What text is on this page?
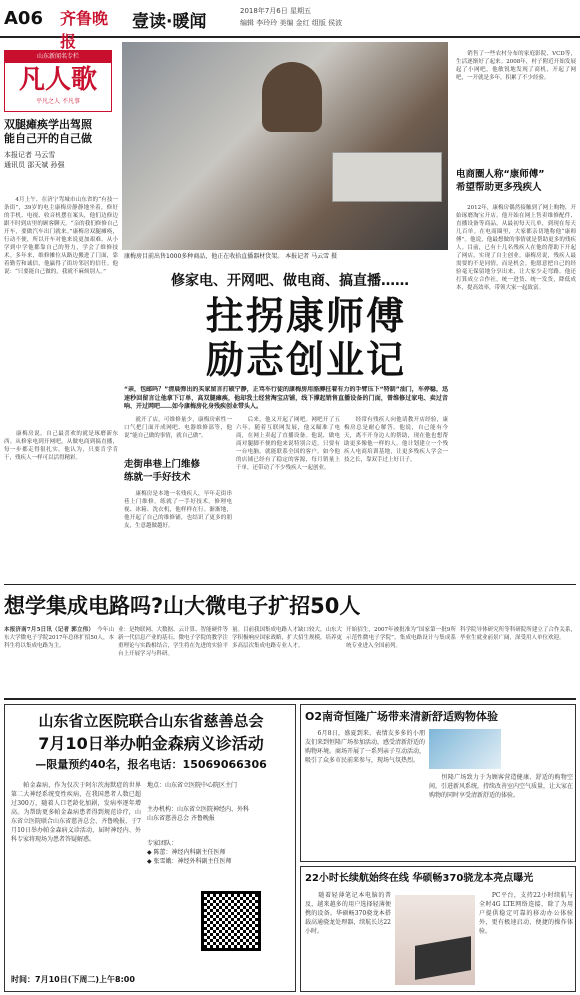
A06 齐鲁晚报
壹读·暖闻
2018年7月6日 星期五
编辑 李玲玲 美编 金红 组版 侯波
山东新闻名专栏
凡人歌
平凡之人 不凡事
双腿瘫痪学出驾照
能自己开的自己做
本报记者 马云雪
通讯员 邵天斌 孙强
　　4月上午，在济宁驾城市山东省的“有技一条街”，39岁的电主康梅房静静地坐着，修好的手机、电视、收音机摆在案头，他们边修边跟不时到店里的顾客聊天。“亲的我们修修自己开车，要做汽车出门就来。”康梅房双腿瘫痪，行动不便，所以开车对他来说更加艰难。从小学到中学他都靠自己的努力，学会了维修技术。多年来，维修摊位从路边搬进了门面，靠着勤劳和诚信，他赢得了街坊邻居的信任。他说：“只要能自己做的，我就不麻烦别人。”
　　康梅房说，自己最喜欢的就是琢磨新东西。从修家电到开网吧，从做电商到搞直播，每一步都走得很扎实。他认为，只要肯学肯干，残疾人一样可以活得精彩。
康梅房目前出售1000多种商品，他正在收拾直播器材货架。 本报记者 马云雪 摄
修家电、开网吧、做电商、搞直播……
拄拐康师傅
励志创业记
“亲，包邮吗？”清晨弹出的买家留言打破宁静，正骂车行徒的康梅房用胳膊拄着有力的手臂压下“特制”油门，车停稳，迅速秒回留言让他拿下订单，高双腿瘫痪，他却我土经营淘宝店铺，线下撑起销售直播设备的门面，曾维修过家电、卖过音响、开过网吧……如今康梅房化身残疾创业带头人。
　　就开了店，可维修量少，康梅房索性一口气把门面开成网吧、电器维修部等，他说“能自己做的事情，就自己做”。
走街串巷上门维修
练就一手好技术
　　康梅房是本地一名残疾人，早年走街串巷上门维修，练就了一手好技术。修理电视、冰箱、洗衣机，他样样在行。渐渐地，他开起了自己的维修铺，也结识了更多的朋友，生意越做越好。
　　后来，他又开起了网吧。网吧开了五六年，随着互联网发展，他又瞄准了电商，在网上卖起了直播设备。他说，做电商对腿脚不便的他来说特别合适，只要有一台电脑，就能联系全国的客户。如今他的店铺已经有了稳定的客源，每月销量上千单，还带动了不少残疾人一起创业。
　　经常有残疾人向他请教开店经验，康梅房总是耐心解答。他说，自己能有今天，离不开身边人的帮助，现在他也想帮助更多像他一样的人。他计划建立一个残疾人电商培训基地，让更多残疾人学会一技之长，靠双手过上好日子。
　　销售了一些农村分布的家庭影院、VCD等，生活逐渐好了起来。2008年，村子附近开始发展起了小网吧，他敏锐地发现了商机，开起了网吧，一开就是多年，积累了不少经验。
电商圈人称“康师傅”
希望帮助更多残疾人
　　2012年，康梅房偶然接触到了网上购物，开始琢磨淘宝开店。他开始在网上售卖维修配件、直播设备等商品，从最初每天几单，到现在每天几百单。在电商圈里，大家都亲切地称他“康师傅”。他说，他最想做的事情就是帮助更多的残疾人。目前，已有十几名残疾人在他的帮助下开起了网店，实现了自主创业。康梅房说，残疾人最需要的不是同情，而是机会。他愿意把自己的经验毫无保留地分享出来，让大家少走弯路。他还打算成立合作社，统一进货、统一发货，降低成本，提高效率，带领大家一起致富。
想学集成电路吗?山大微电子扩招50人
本报济南7月5日讯（记者 郭立伟）　今年山东大学微电子学院2017年总体扩招50人，本科生将以集成电路为主。
业：是物联网、大数据、云计算、智能硬件等新一代信息产业的基石。微电子学院的教学注重理论与实践相结合，学生将在先进的实验平台上开展学习与科研。
量。目前我国集成电路人才缺口较大，山东大学积极响应国家战略，扩大招生规模，培养更多高层次集成电路专业人才。
开始招生，2007年被批准为“国家第一批9所示范性微电子学院”，集成电路设计与集成系统专业进入全国前列。
科学院导体研究所等科研院所建立了合作关系，毕业生就业前景广阔，深受用人单位欢迎。
山东省立医院联合山东省慈善总会
7月10日举办帕金森病义诊活动
—限量预约40名，报名电话：15069066306
　　帕金森病，作为仅次于阿尔茨海默症的世界第二大神经系统变性疾病，在我国患者人数已超过300万，随着人口老龄化加剧，发病率逐年增高。为帮助更多帕金森病患者得到规范诊疗，山东省立医院联合山东省慈善总会、齐鲁晚报，于7月10日举办帕金森病义诊活动，届时神经内、外科专家将现场为患者答疑解惑。
地点：山东省立医院中心院区主门
主办机构：山东省立医院神经内、外科
山东省慈善总会 齐鲁晚报
专家团队：
◆ 陈蕾：神经内科副主任医师
◆ 张雪娥：神经外科副主任医师
时间：7月10日(下周二)上午8:00
O2南奇恒隆广场带来清新舒适购物体验
　　6月8日，盛夏到来，表情友多多的小朋友们来到恒隆广场参加活动，感受清新舒适的购物环境。商场开展了一系列亲子互动活动，吸引了众多市民前来参与，现场气氛热烈。
　　恒隆广场致力于为顾客营造健康、舒适的购物空间，引进新风系统，持续改善室内空气质量，让大家在购物的同时享受清新舒适的体验。
22小时长续航始终在线 华硕畅370骁龙本亮点曝光
　　随着轻薄笔记本电脑的普及，越来越多的用户选择轻薄便携的设备。华硕畅370骁龙本搭载高通骁龙处理器，续航长达22小时。
　　PC平台，支持22小时续航与全时4G LTE网络连接，除了为用户提供稳定可靠的移动办公体验外，更有极速启动、便捷的操作体验。
